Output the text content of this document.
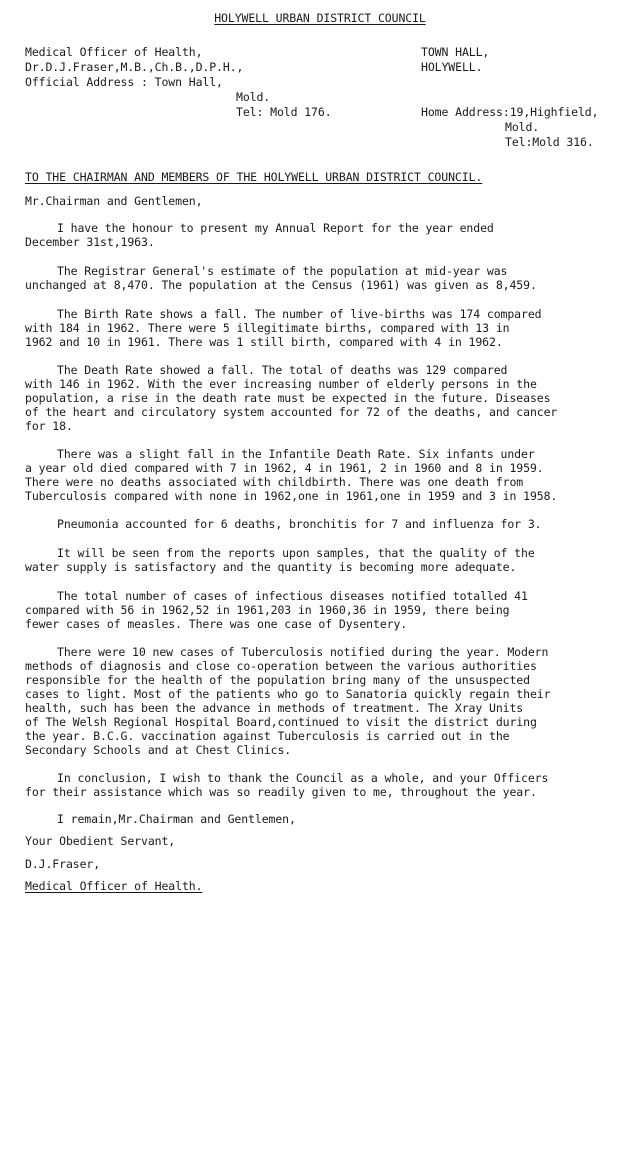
HOLYWELL URBAN DISTRICT COUNCIL
Medical Officer of Health,
Dr.D.J.Fraser,M.B.,Ch.B.,D.P.H.,
Official Address : Town Hall,
Mold.
Tel: Mold 176.
TOWN HALL,
HOLYWELL.
Home Address:19,Highfield,
Mold.
Tel:Mold 316.
TO THE CHAIRMAN AND MEMBERS OF THE HOLYWELL URBAN DISTRICT COUNCIL.
Mr.Chairman and Gentlemen,
I have the honour to present my Annual Report for the year ended
December 31st,1963.
The Registrar General's estimate of the population at mid-year was
unchanged at 8,470. The population at the Census (1961) was given as 8,459.
The Birth Rate shows a fall. The number of live-births was 174 compared
with 184 in 1962. There were 5 illegitimate births, compared with 13 in
1962 and 10 in 1961. There was 1 still birth, compared with 4 in 1962.
The Death Rate showed a fall. The total of deaths was 129 compared
with 146 in 1962. With the ever increasing number of elderly persons in the
population, a rise in the death rate must be expected in the future. Diseases
of the heart and circulatory system accounted for 72 of the deaths, and cancer
for 18.
There was a slight fall in the Infantile Death Rate. Six infants under
a year old died compared with 7 in 1962, 4 in 1961, 2 in 1960 and 8 in 1959.
There were no deaths associated with childbirth. There was one death from
Tuberculosis compared with none in 1962,one in 1961,one in 1959 and 3 in 1958.
Pneumonia accounted for 6 deaths, bronchitis for 7 and influenza for 3.
It will be seen from the reports upon samples, that the quality of the
water supply is satisfactory and the quantity is becoming more adequate.
The total number of cases of infectious diseases notified totalled 41
compared with 56 in 1962,52 in 1961,203 in 1960,36 in 1959, there being
fewer cases of measles. There was one case of Dysentery.
There were 10 new cases of Tuberculosis notified during the year. Modern
methods of diagnosis and close co-operation between the various authorities
responsible for the health of the population bring many of the unsuspected
cases to light. Most of the patients who go to Sanatoria quickly regain their
health, such has been the advance in methods of treatment. The Xray Units
of The Welsh Regional Hospital Board,continued to visit the district during
the year. B.C.G. vaccination against Tuberculosis is carried out in the
Secondary Schools and at Chest Clinics.
In conclusion, I wish to thank the Council as a whole, and your Officers
for their assistance which was so readily given to me, throughout the year.
I remain,Mr.Chairman and Gentlemen,
Your Obedient Servant,
D.J.Fraser,
Medical Officer of Health.
